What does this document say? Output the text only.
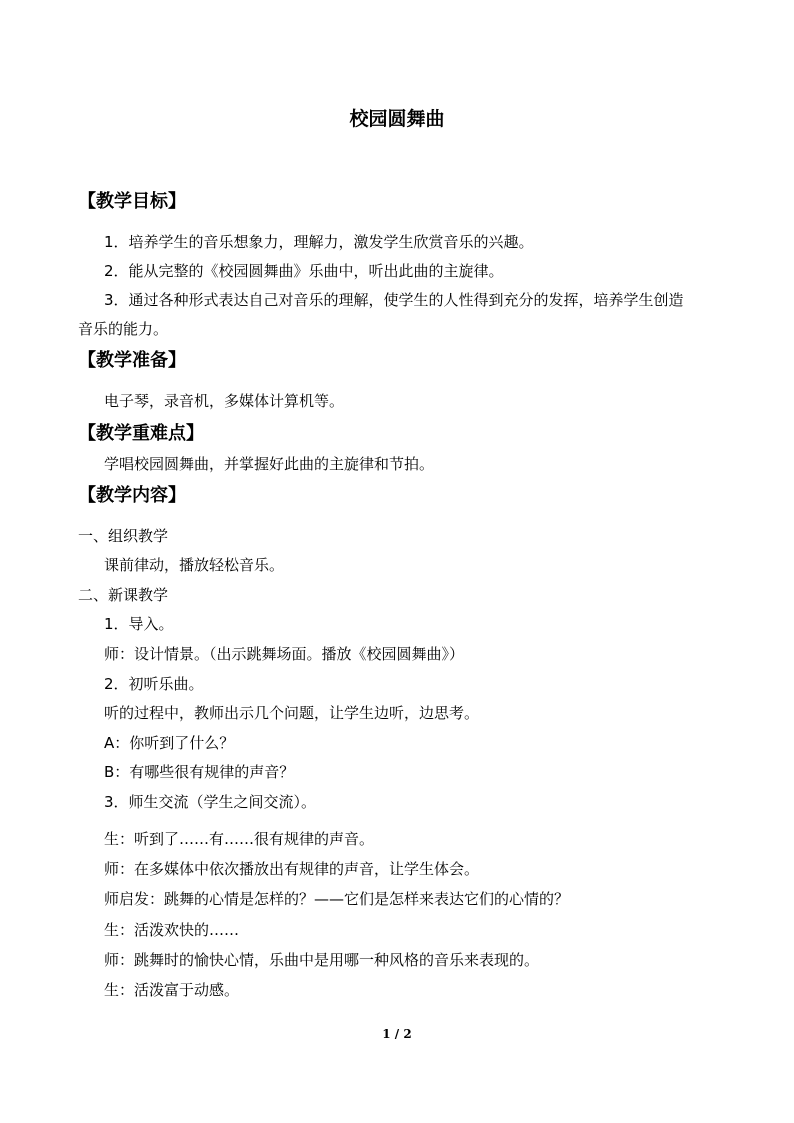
校园圆舞曲
【教学目标】
1．培养学生的音乐想象力，理解力，激发学生欣赏音乐的兴趣。
2．能从完整的《校园圆舞曲》乐曲中，听出此曲的主旋律。
3．通过各种形式表达自己对音乐的理解，使学生的人性得到充分的发挥，培养学生创造
音乐的能力。
【教学准备】
电子琴，录音机，多媒体计算机等。
【教学重难点】
学唱校园圆舞曲，并掌握好此曲的主旋律和节拍。
【教学内容】
一、组织教学
课前律动，播放轻松音乐。
二、新课教学
1．导入。
师：设计情景。（出示跳舞场面。播放《校园圆舞曲》）
2．初听乐曲。
听的过程中，教师出示几个问题，让学生边听，边思考。
A：你听到了什么？
B：有哪些很有规律的声音？
3．师生交流（学生之间交流）。
生：听到了……有……很有规律的声音。
师：在多媒体中依次播放出有规律的声音，让学生体会。
师启发：跳舞的心情是怎样的？——它们是怎样来表达它们的心情的？
生：活泼欢快的……
师：跳舞时的愉快心情，乐曲中是用哪一种风格的音乐来表现的。
生：活泼富于动感。
1 / 2
